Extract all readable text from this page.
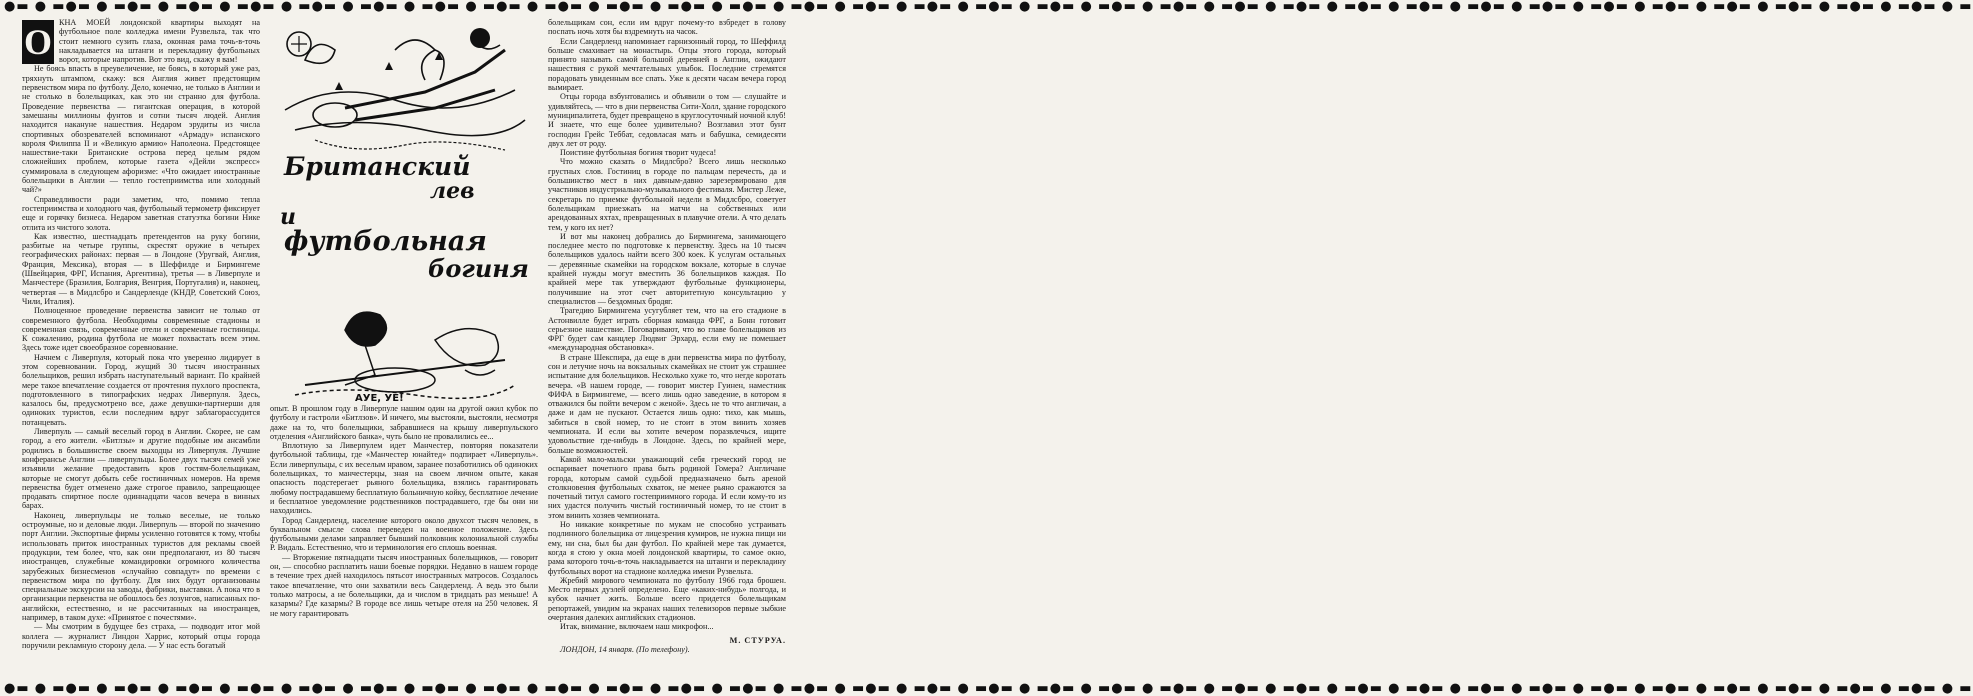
●▬ ● ▬●▬ ● ▬●▬ ● ▬●▬ ● ▬●▬ ● ▬●▬ ● ▬●▬ ● ▬●▬ ● ▬●▬ ● ▬●▬ ● ▬●▬ ● ▬●▬ ● ▬●▬ ● ▬●▬ ● ▬●▬ ● ▬●▬ ● ▬●▬ ● ▬●▬ ● ▬●▬ ● ▬●▬ ● ▬●▬ ● ▬●▬ ● ▬●▬ ● ▬●▬ ● ▬●▬ ● ▬●▬ ● ▬●▬ ● ▬●▬ ● ▬●▬ ● ▬●▬ ● ▬●▬ ● ▬●▬ ● ▬
О КНА МОЕЙ лондонской квартиры выходят на футбольное поле колледжа имени Рузвельта, так что стоит немного сузить глаза, оконная рама точь-в-точь накладывается на штанги и перекладину футбольных ворот, которые напротив. Вот это вид, скажу я вам!

Не боясь впасть в преувеличение, не боясь, в который уже раз, тряхнуть штампом, скажу: вся Англия живет предстоящим первенством мира по футболу. Дело, конечно, не только в Англии и не столько в болельщиках, как это ни странно для футбола. Проведение первенства — гигантская операция, в которой замешаны миллионы фунтов и сотни тысяч людей. Англия находится накануне нашествия. Недаром эрудиты из числа спортивных обозревателей вспоминают «Армаду» испанского короля Филиппа II и «Великую армию» Наполеона. Предстоящее нашествие-таки Британские острова перед целым рядом сложнейших проблем, которые газета «Дейли экспресс» суммировала в следующем афоризме: «Что ожидает иностранные болельщики в Англии — тепло гостеприимства или холодный чай?»

Справедливости ради заметим, что, помимо тепла гостеприимства и холодного чая, футбольный термометр фиксирует еще и горячку бизнеса. Недаром заветная статуэтка богини Нике отлита из чистого золота.

Как известно, шестнадцать претендентов на руку богини, разбитые на четыре группы, скрестят оружие в четырех географических районах: первая — в Лондоне (Уругвай, Англия, Франция, Мексика), вторая — в Шеффилде и Бирмингеме (Швейцария, ФРГ, Испания, Аргентина), третья — в Ливерпуле и Манчестере (Бразилия, Болгария, Венгрия, Португалия) и, наконец, четвертая — в Мидлсбро и Сандерленде (КНДР, Советский Союз, Чили, Италия).

Полноценное проведение первенства зависит не только от современного футбола. Необходимы современные стадионы и современная связь, современные отели и современные гостиницы. К сожалению, родина футбола не может похвастать всем этим. Здесь тоже идет своеобразное соревнование.

Начнем с Ливерпуля, который пока что уверенно лидирует в этом соревновании. Город, жущий 30 тысяч иностранных болельщиков, решил избрать наступательный вариант. По крайней мере такое впечатление создается от прочтения пухлого проспекта, подготовленного в типографских недрах Ливерпуля. Здесь, казалось бы, предусмотрено все, даже девушки-партнерши для одиноких туристов, если последним вдруг заблагорассудится потанцевать.

Ливерпуль — самый веселый город в Англии. Скорее, не сам город, а его жители. «Битлзы» и другие подобные им ансамбли родились в большинстве своем выходцы из Ливерпуля. Лучшие конферансье Англии — ливерпульцы. Более двух тысяч семей уже изъявили желание предоставить кров гостям-болельщикам, которые не смогут добыть себе гостиничных номеров. На время первенства будет отменено даже строгое правило, запрещающее продавать спиртное после одиннадцати часов вечера в винных барах.

Наконец, ливерпульцы не только веселые, не только остроумные, но и деловые люди. Ливерпуль — второй по значению порт Англии. Экспортные фирмы усиленно готовятся к тому, чтобы использовать приток иностранных туристов для рекламы своей продукции, тем более, что, как они предполагают, из 80 тысяч иностранцев, служебные командировки огромного количества зарубежных бизнесменов «случайно совпадут» по времени с первенством мира по футболу. Для них будут организованы специальные экскурсии на заводы, фабрики, выставки. А пока что в организации первенства не обошлось без лозунгов, написанных по-английски, естественно, и не рассчитанных на иностранцев, например, в таком духе: «Принятое с почестями».

— Мы смотрим в будущее без страха, — подводит итог мой коллега — журналист Линдон Харрис, который отцы города поручили рекламную сторону дела. — У нас есть богатый

Британский
лев
и
футбольная
богиня
АУЕ, УЕ!

опыт. В прошлом году в Ливерпуле нашим один на другой ожил кубок по футболу и гастроли «Битлзов». И ничего, мы выстояли, выстояли, несмотря даже на то, что болельщики, забравшиеся на крышу ливерпульского отделения «Английского банка», чуть было не провалились ее...

Вплотную за Ливерпулем идет Манчестер, повторяя показатели футбольной таблицы, где «Манчестер юнайтед» подпирает «Ливерпуль». Если ливерпульцы, с их веселым нравом, заранее позаботились об одиноких болельщиках, то манчестерцы, зная на своем личном опыте, какая опасность подстерегает рьяного болельщика, взялись гарантировать любому пострадавшему бесплатную больничную койку, бесплатное лечение и бесплатное уведомление родственников пострадавшего, где бы они ни находились.

Город Сандерленд, население которого около двухсот тысяч человек, в буквальном смысле слова переведен на военное положение. Здесь футбольными делами заправляет бывший полковник колониальной службы Р. Видаль. Естественно, что и терминология его сплошь военная.

— Вторжение пятнадцати тысяч иностранных болельщиков, — говорит он, — способно расплатить наши боевые порядки. Недавно в нашем городе в течение трех дней находилось пятьсот иностранных матросов. Создалось такое впечатление, что они захватили весь Сандерленд. А ведь это были только матросы, а не болельщики, да и числом в тридцать раз меньше! А казармы? Где казармы? В городе все лишь четыре отеля на 250 человек. Я не могу гарантировать

болельщикам сон, если им вдруг почему-то взбредет в голову поспать ночь хотя бы вздремнуть на часок.

Если Сандерленд напоминает гарнизонный город, то Шеффилд больше смахивает на монастырь. Отцы этого города, который принято называть самой большой деревней в Англии, ожидают нашествия с рукой мечтательных улыбок. Последние стремятся порадовать увиденным все спать. Уже к десяти часам вечера город вымирает.

Отцы города взбунтовались и объявили о том — слушайте и удивляйтесь, — что в дни первенства Сити-Холл, здание городского муниципалитета, будет превращено в круглосуточный ночной клуб! И знаете, что еще более удивительно? Возглавил этот бунт господин Грейс Теббат, седовласая мать и бабушка, семидесяти двух лет от роду.

Поистине футбольная богиня творит чудеса!

Что можно сказать о Мидлсбро? Всего лишь несколько грустных слов. Гостиниц в городе по пальцам перечесть, да и большинство мест в них давным-давно зарезервировано для участников индустриально-музыкального фестиваля. Мистер Леже, секретарь по приемке футбольной недели в Мидлсбро, советует болельщикам приезжать на матчи на собственных или арендованных яхтах, превращенных в плавучие отели. А что делать тем, у кого их нет?

И вот мы наконец добрались до Бирмингема, занимающего последнее место по подготовке к первенству. Здесь на 10 тысяч болельщиков удалось найти всего 300 коек. К услугам остальных — деревянные скамейки на городском вокзале, которые в случае крайней нужды могут вместить 36 болельщиков каждая. По крайней мере так утверждают футбольные функционеры, получившие на этот счет авторитетную консультацию у специалистов — бездомных бродяг.

Трагедию Бирмингема усугубляет тем, что на его стадионе в Астонвилле будет играть сборная команда ФРГ, а Бонн готовит серьезное нашествие. Поговаривают, что во главе болельщиков из ФРГ будет сам канцлер Людвиг Эрхард, если ему не помешает «международная обстановка».

В странe Шекспира, да еще в дни первенства мира по футболу, сон и летучие ночь на вокзальных скамейках не стоит уж страшнее испытание для болельщиков. Несколько хуже то, что негде коротать вечера. «В нашем городе, — говорит мистер Гуинен, наместник ФИФА в Бирмингеме, — всего лишь одно заведение, в котором я отважился бы пойти вечером с женой». Здесь не то что англичан, а даже и дам не пускают. Остается лишь одно: тихо, как мышь, забиться в свой номер, то не стоит в этом винить хозяев чемпионата. И если вы хотите вечером поразвлечься, ищите удовольствие где-нибудь в Лондоне. Здесь, по крайней мере, больше возможностей.

Какой мало-мальски уважающий себя греческий город не оспаривает почетного права быть родиной Гомера? Англичане города, которым самой судьбой предназначено быть ареной столкновения футбольных схваток, не менее рьяно сражаются за почетный титул самого гостеприимного города. И если кому-то из них удастся получить чистый гостиничный номер, то не стоит в этом винить хозяев чемпионата.

Но никакие конкретные по мукам не способно устраивать подлинного болельщика от лицезрения кумиров, не нужна пищи ни ему, ни сна, был бы дан футбол. По крайней мере так думается, когда я стою у окна моей лондонской квартиры, то самое окно, рама которого точь-в-точь накладывается на штанги и перекладину футбольных ворот на стадионе колледжа имени Рузвельта.

Жребий мирового чемпионата по футболу 1966 года брошен. Место первых дуэлей определено. Еще «каких-нибудь» полгода, и кубок начнет жить. Больше всего придется болельщикам репортажей, увидим на экранах наших телевизоров первые зыбкие очертания далеких английских стадионов.

Итак, внимание, включаем наш микрофон...

М. СТУРУА.

ЛОНДОН, 14 января. (По телефону).

●▬ ● ▬●▬ ● ▬●▬ ● ▬●▬ ● ▬●▬ ● ▬●▬ ● ▬●▬ ● ▬●▬ ● ▬●▬ ● ▬●▬ ● ▬●▬ ● ▬●▬ ● ▬●▬ ● ▬●▬ ● ▬●▬ ● ▬●▬ ● ▬●▬ ● ▬●▬ ● ▬●▬ ● ▬●▬ ● ▬●▬ ● ▬●▬ ● ▬●▬ ● ▬●▬ ● ▬●▬ ● ▬●▬ ● ▬●▬ ● ▬●▬ ● ▬●▬ ● ▬●▬ ● ▬●▬ ● ▬●▬ ● ▬
